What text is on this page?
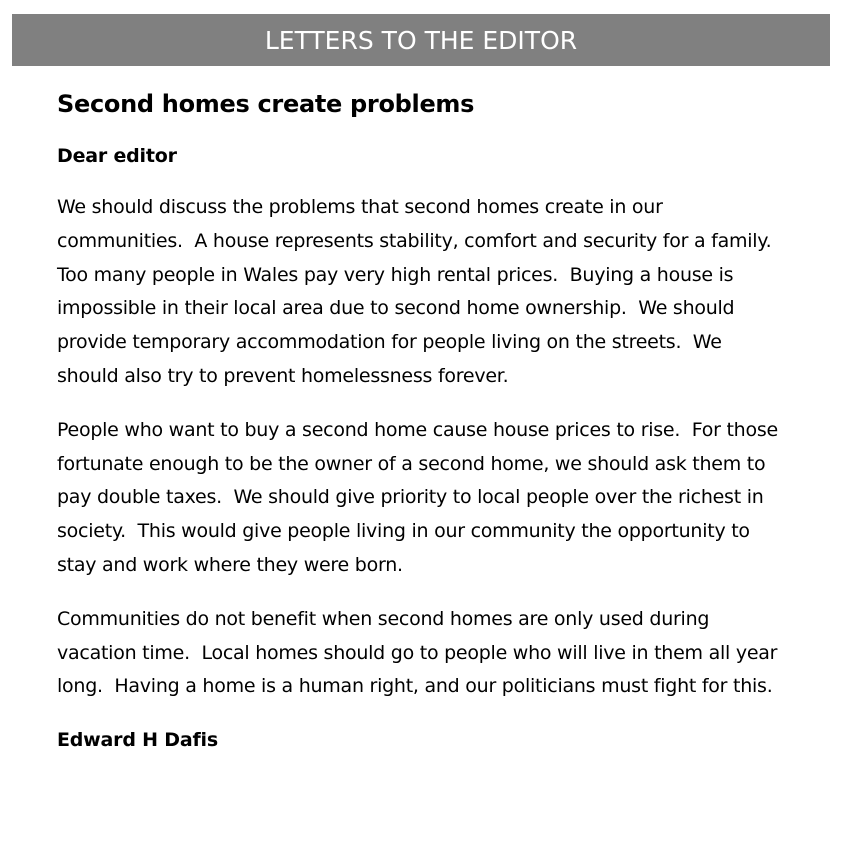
LETTERS TO THE EDITOR
Second homes create problems

Dear editor

We should discuss the problems that second homes create in our communities.  A house represents stability, comfort and security for a family.  Too many people in Wales pay very high rental prices.  Buying a house is impossible in their local area due to second home ownership.  We should provide temporary accommodation for people living on the streets.  We should also try to prevent homelessness forever.

People who want to buy a second home cause house prices to rise.  For those fortunate enough to be the owner of a second home, we should ask them to pay double taxes.  We should give priority to local people over the richest in society.  This would give people living in our community the opportunity to stay and work where they were born.

Communities do not benefit when second homes are only used during vacation time.  Local homes should go to people who will live in them all year long.  Having a home is a human right, and our politicians must fight for this.

Edward H Dafis
